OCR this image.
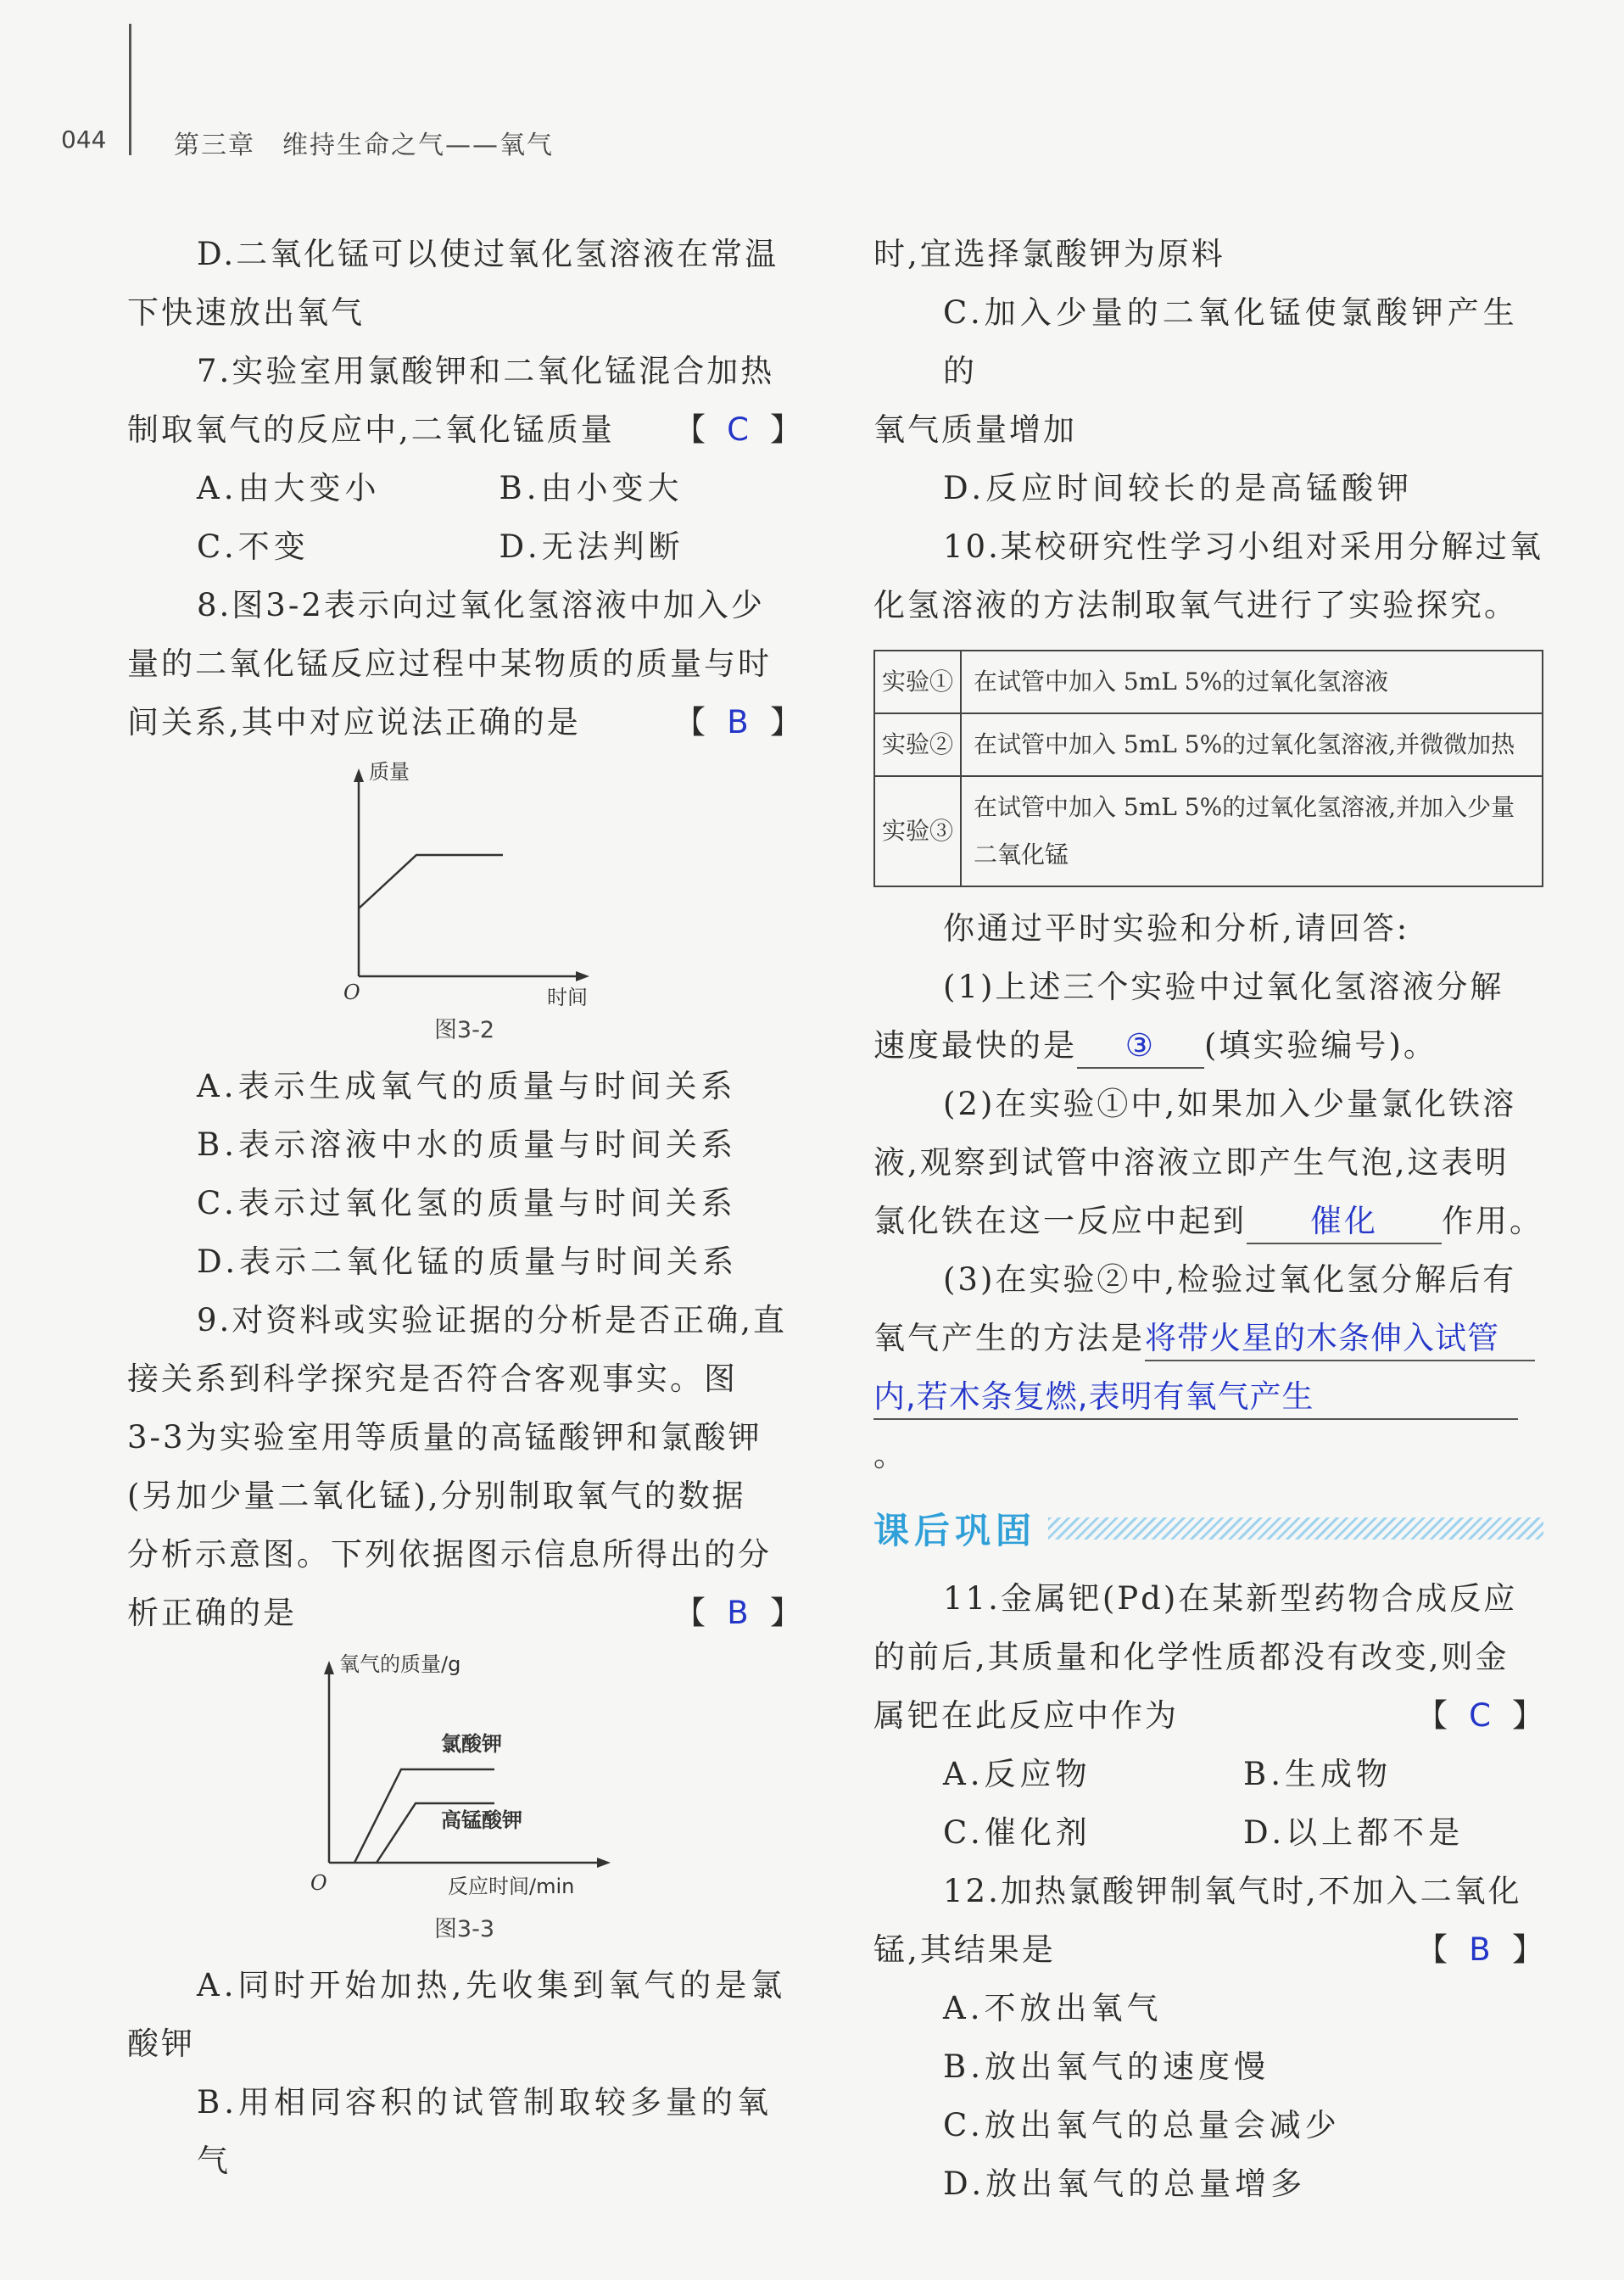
044	第三章　维持生命之气——氧气

D.二氧化锰可以使过氧化氢溶液在常温

下快速放出氧气

7.实验室用氯酸钾和二氧化锰混合加热

制取氧气的反应中,二氧化锰质量 【 C 】
A.由大变小	B.由小变大
C.不变	D.无法判断

8.图3-2表示向过氧化氢溶液中加入少

量的二氧化锰反应过程中某物质的质量与时

间关系,其中对应说法正确的是	【 B 】
质量
时间
O
图3-2

A.表示生成氧气的质量与时间关系

B.表示溶液中水的质量与时间关系

C.表示过氧化氢的质量与时间关系

D.表示二氧化锰的质量与时间关系

9.对资料或实验证据的分析是否正确,直

接关系到科学探究是否符合客观事实。图

3-3为实验室用等质量的高锰酸钾和氯酸钾

(另加少量二氧化锰),分别制取氧气的数据

分析示意图。下列依据图示信息所得出的分

析正确的是	【 B 】
氧气的质量/g
反应时间/min
O
氯酸钾
高锰酸钾
图3-3

A.同时开始加热,先收集到氧气的是氯

酸钾

B.用相同容积的试管制取较多量的氧气

时,宜选择氯酸钾为原料

C.加入少量的二氧化锰使氯酸钾产生的

氧气质量增加

D.反应时间较长的是高锰酸钾

10.某校研究性学习小组对采用分解过氧

化氢溶液的方法制取氧气进行了实验探究。

实验①	在试管中加入 5mL 5%的过氧化氢溶液
实验②	在试管中加入 5mL 5%的过氧化氢溶液,并微微加热
实验③	在试管中加入 5mL 5%的过氧化氢溶液,并加入少量二氧化锰

你通过平时实验和分析,请回答:

(1)上述三个实验中过氧化氢溶液分解

速度最快的是 ③ (填实验编号)。

(2)在实验①中,如果加入少量氯化铁溶

液,观察到试管中溶液立即产生气泡,这表明

氯化铁在这一反应中起到 催化 作用。

(3)在实验②中,检验过氧化氢分解后有

氧气产生的方法是将带火星的木条伸入试管

内,若木条复燃,表明有氧气产生。

课后巩固

11.金属钯(Pd)在某新型药物合成反应

的前后,其质量和化学性质都没有改变,则金

属钯在此反应中作为	【 C 】
A.反应物	B.生成物
C.催化剂	D.以上都不是

12.加热氯酸钾制氧气时,不加入二氧化

锰,其结果是	【 B 】

A.不放出氧气

B.放出氧气的速度慢

C.放出氧气的总量会减少

D.放出氧气的总量增多
